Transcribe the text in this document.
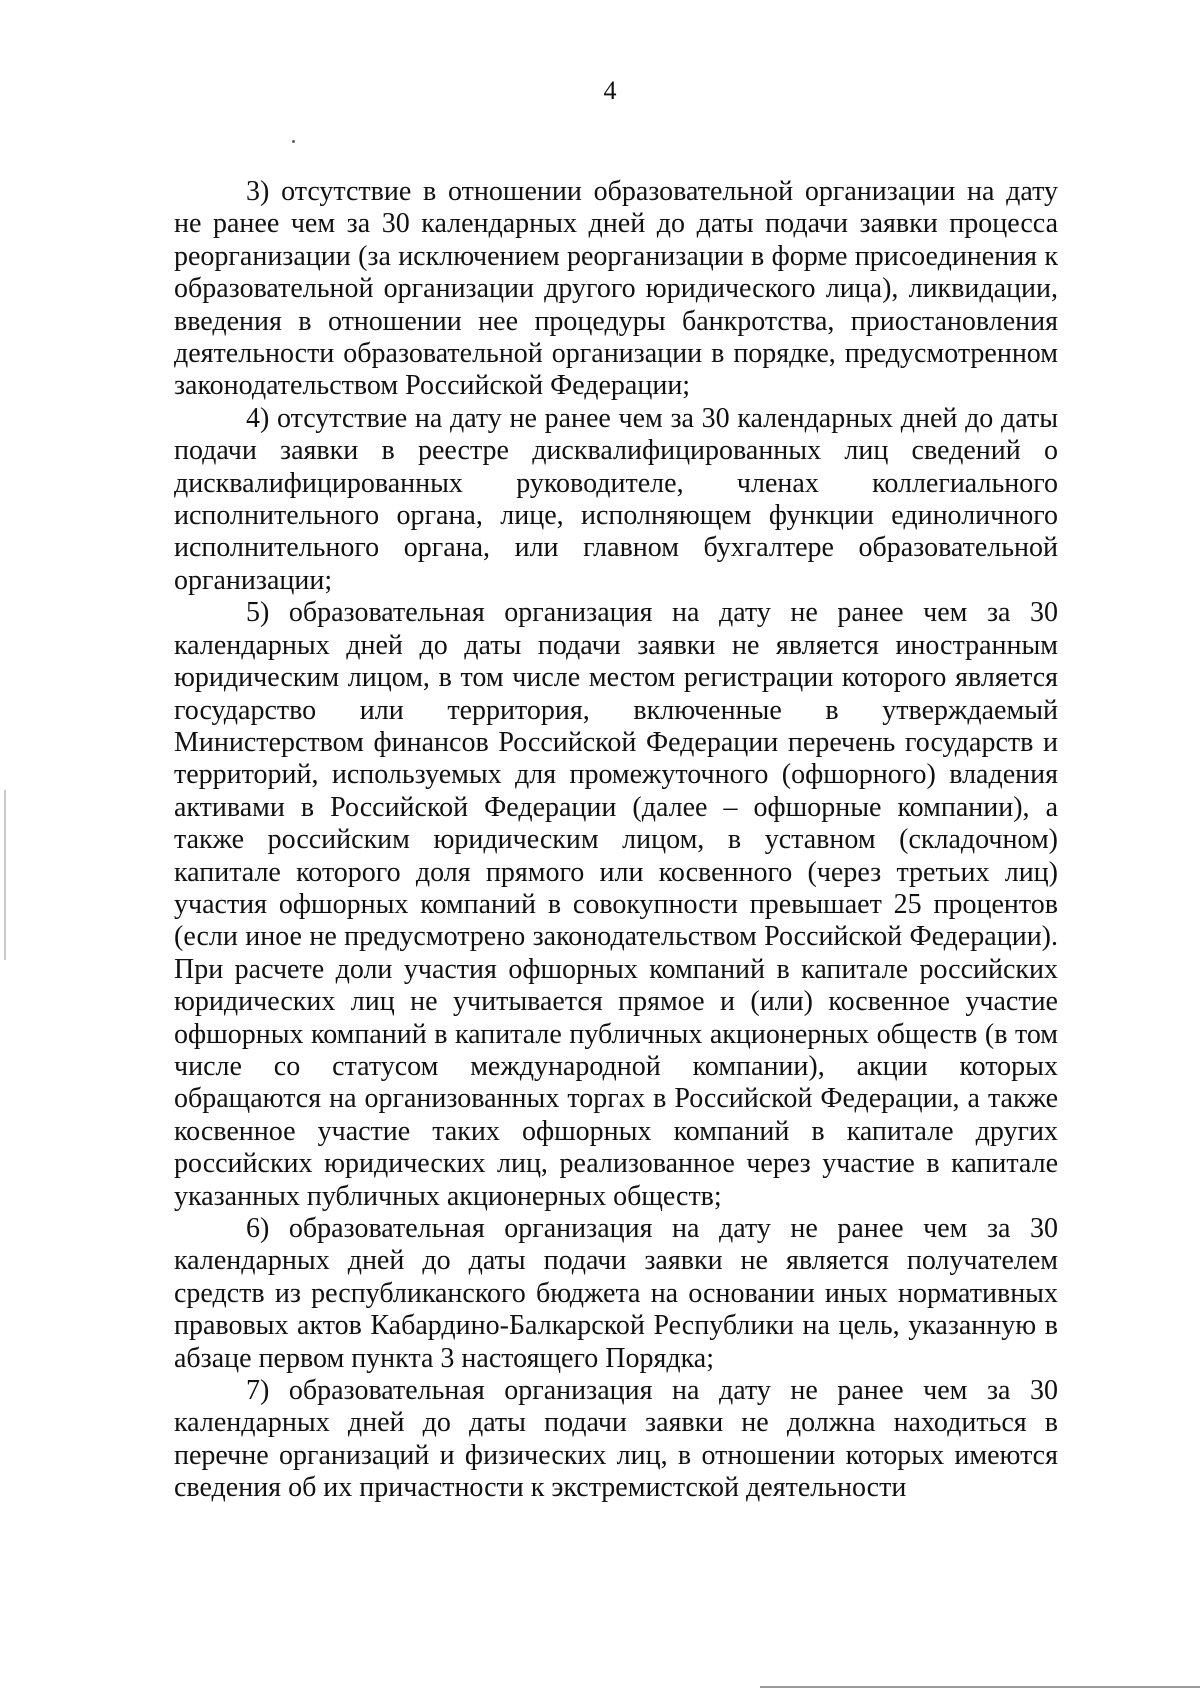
4

3) отсутствие в отношении образовательной организации на дату не ранее чем за 30 календарных дней до даты подачи заявки процесса реорганизации (за исключением реорганизации в форме присоединения к образовательной организации другого юридического лица), ликвидации, введения в отношении нее процедуры банкротства, приостановления деятельности образовательной организации в порядке, предусмотренном законодательством Российской Федерации;

4) отсутствие на дату не ранее чем за 30 календарных дней до даты подачи заявки в реестре дисквалифицированных лиц сведений о дисквалифицированных руководителе, членах коллегиального исполнительного органа, лице, исполняющем функции единоличного исполнительного органа, или главном бухгалтере образовательной организации;

5) образовательная организация на дату не ранее чем за 30 календарных дней до даты подачи заявки не является иностранным юридическим лицом, в том числе местом регистрации которого является государство или территория, включенные в утверждаемый Министерством финансов Российской Федерации перечень государств и территорий, используемых для промежуточного (офшорного) владения активами в Российской Федерации (далее – офшорные компании), а также российским юридическим лицом, в уставном (складочном) капитале которого доля прямого или косвенного (через третьих лиц) участия офшорных компаний в совокупности превышает 25 процентов (если иное не предусмотрено законодательством Российской Федерации). При расчете доли участия офшорных компаний в капитале российских юридических лиц не учитывается прямое и (или) косвенное участие офшорных компаний в капитале публичных акционерных обществ (в том числе со статусом международной компании), акции которых обращаются на организованных торгах в Российской Федерации, а также косвенное участие таких офшорных компаний в капитале других российских юридических лиц, реализованное через участие в капитале указанных публичных акционерных обществ;

6) образовательная организация на дату не ранее чем за 30 календарных дней до даты подачи заявки не является получателем средств из республиканского бюджета на основании иных нормативных правовых актов Кабардино-Балкарской Республики на цель, указанную в абзаце первом пункта 3 настоящего Порядка;

7) образовательная организация на дату не ранее чем за 30 календарных дней до даты подачи заявки не должна находиться в перечне организаций и физических лиц, в отношении которых имеются сведения об их причастности к экстремистской деятельности
